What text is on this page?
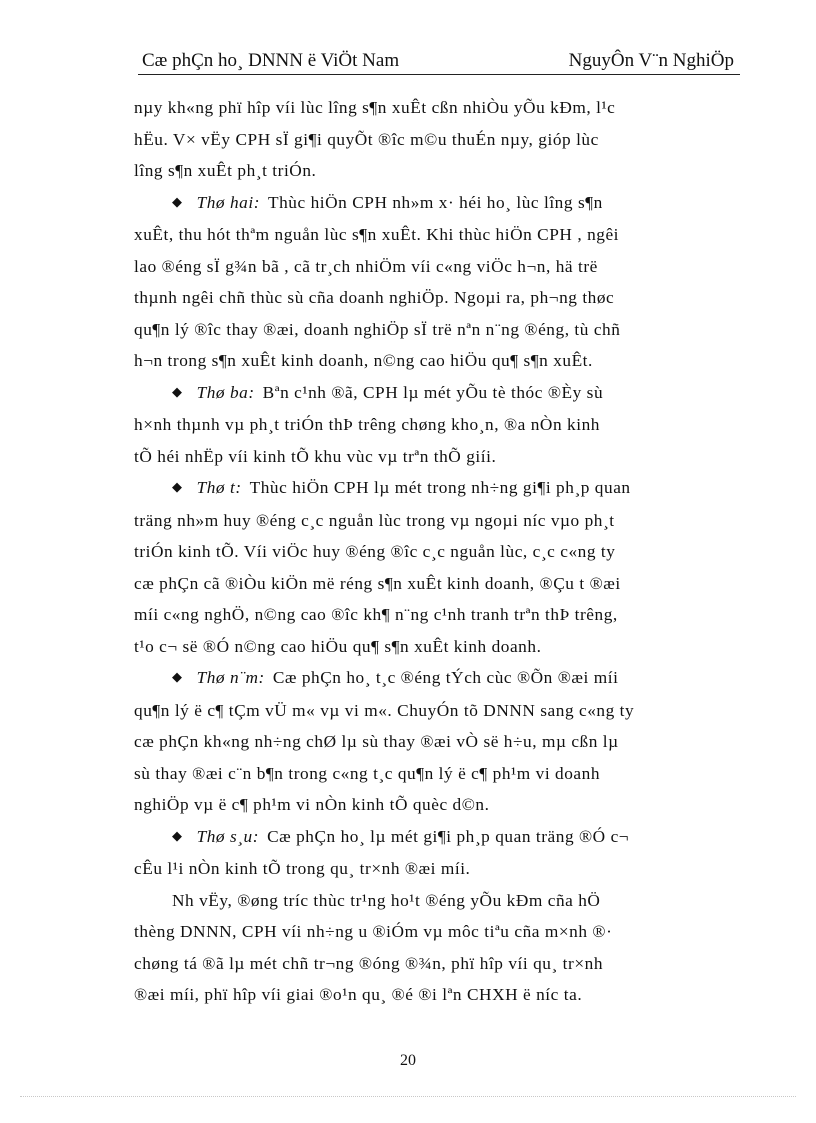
Cæ phÇn ho¸ DNNN ë ViÖt Nam	NguyÔn V¨n NghiÖp

nµy kh«ng phï hîp víi lùc lîng s¶n xuÊt cßn nhiÒu yÕu kÐm, l¹c
hËu. V× vËy CPH sÏ gi¶i quyÕt ®îc m©u thuÉn nµy, gióp lùc
lîng s¶n xuÊt ph¸t triÓn.

◆ Thø hai: Thùc hiÖn CPH nh»m x· héi ho¸ lùc lîng s¶n
xuÊt, thu hót thªm nguån lùc s¶n xuÊt. Khi thùc hiÖn CPH , ngêi
lao ®éng sÏ g¾n bã , cã tr¸ch nhiÖm víi c«ng viÖc h¬n, hä trë
thµnh ngêi chñ thùc sù cña doanh nghiÖp. Ngoµi ra, ph¬ng thøc
qu¶n lý ®îc thay ®æi, doanh nghiÖp sÏ trë nªn n¨ng ®éng, tù chñ
h¬n trong s¶n xuÊt kinh doanh, n©ng cao hiÖu qu¶ s¶n xuÊt.

◆ Thø ba: Bªn c¹nh ®ã, CPH lµ mét yÕu tè thóc ®Èy sù
h×nh thµnh vµ ph¸t triÓn thÞ trêng chøng kho¸n, ®a nÒn kinh
tÕ héi nhËp víi kinh tÕ khu vùc vµ trªn thÕ giíi.

◆ Thø t: Thùc hiÖn CPH lµ mét trong nh÷ng gi¶i ph¸p quan
träng nh»m huy ®éng c¸c nguån lùc trong vµ ngoµi níc vµo ph¸t
triÓn kinh tÕ. Víi viÖc huy ®éng ®îc c¸c nguån lùc, c¸c c«ng ty
cæ phÇn cã ®iÒu kiÖn më réng s¶n xuÊt kinh doanh, ®Çu t ®æi
míi c«ng nghÖ, n©ng cao ®îc kh¶ n¨ng c¹nh tranh trªn thÞ trêng,
t¹o c¬ së ®Ó n©ng cao hiÖu qu¶ s¶n xuÊt kinh doanh.

◆ Thø n¨m: Cæ phÇn ho¸ t¸c ®éng tÝch cùc ®Õn ®æi míi
qu¶n lý ë c¶ tÇm vÜ m« vµ vi m«. ChuyÓn tõ DNNN sang c«ng ty
cæ phÇn kh«ng nh÷ng chØ lµ sù thay ®æi vÒ së h÷u, mµ cßn lµ
sù thay ®æi c¨n b¶n trong c«ng t¸c qu¶n lý ë c¶ ph¹m vi doanh
nghiÖp vµ ë c¶ ph¹m vi nÒn kinh tÕ quèc d©n.

◆ Thø s¸u: Cæ phÇn ho¸ lµ mét gi¶i ph¸p quan träng ®Ó c¬
cÊu l¹i nÒn kinh tÕ trong qu¸ tr×nh ®æi míi.

Nh vËy, ®øng tríc thùc tr¹ng ho¹t ®éng yÕu kÐm cña hÖ
thèng DNNN, CPH víi nh÷ng u ®iÓm vµ môc tiªu cña m×nh ®·
chøng tá ®ã lµ mét chñ tr¬ng ®óng ®¾n, phï hîp víi qu¸ tr×nh
®æi míi, phï hîp víi giai ®o¹n qu¸ ®é ®i lªn CHXH ë níc ta.

20
